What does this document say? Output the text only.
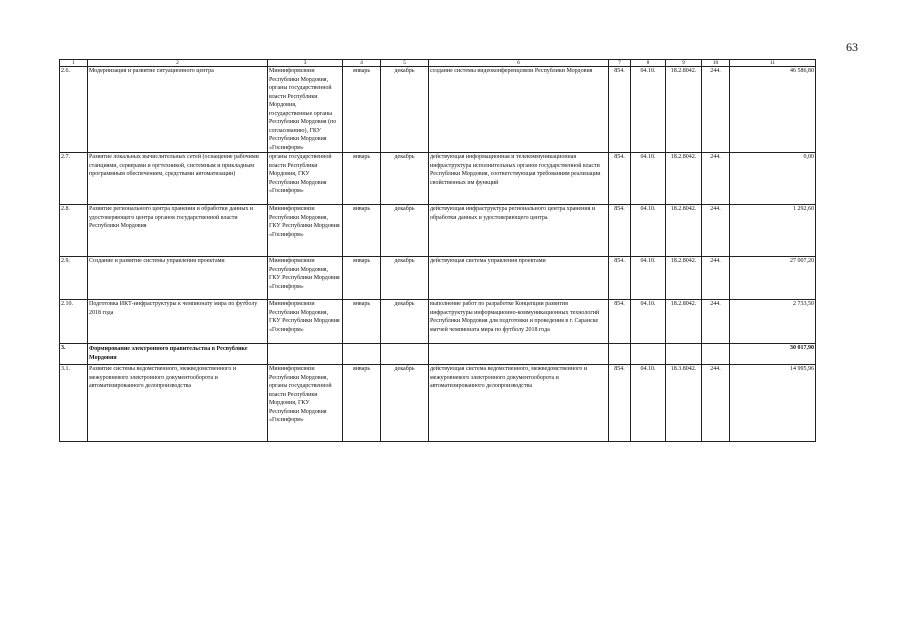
63
1	2	3	4	5	6	7	8	9	10	11
2.6.	Модернизация и развитие ситуационного центра	Мининформсвязи Республики Мордовия, органы государственной власти Республики Мордовия, государственные органы Республики Мордовия (по согласованию), ГКУ Республики Мордовия «Госинформ»	январь	декабрь	создание системы видеоконференцсвязи Республики Мордовия	854.	04.10.	18.2.8042.	244.	46 586,80
2.7.	Развитие локальных вычислительных сетей (оснащение рабочими станциями, серверами и оргтехникой, системным и прикладным программным обеспечением, средствами автоматизации)	органы государственной власти Республики Мордовия, ГКУ Республики Мордовия «Госинформ»	январь	декабрь	действующая информационная и телекоммуникационная инфраструктура исполнительных органов государственной власти Республики Мордовия, соответствующая требованиям реализации свойственных им функций	854.	04.10.	18.2.8042.	244.	0,00
2.8.	Развитие регионального центра хранения и обработки данных и удостоверяющего центра органов государственной власти Республики Мордовия	Мининформсвязи Республики Мордовия, ГКУ Республики Мордовия «Госинформ»	январь	декабрь	действующая инфраструктура регионального центра хранения и обработки данных и удостоверяющего центра	854.	04.10.	18.2.8042.	244.	1 292,60
2.9.	Создание и развитие системы управления проектами	Мининформсвязи Республики Мордовия, ГКУ Республики Мордовия «Госинформ»	январь	декабрь	действующая система управления проектами	854.	04.10.	18.2.8042.	244.	27 007,20
2.10.	Подготовка ИКТ-инфраструктуры к чемпионату мира по футболу 2018 года	Мининформсвязи Республики Мордовия, ГКУ Республики Мордовия «Госинформ»	январь	декабрь	выполнение работ по разработке Концепции развития инфраструктуры информационно-коммуникационных технологий Республики Мордовия для подготовки и проведения в г. Саранске матчей чемпионата мира по футболу 2018 года	854.	04.10.	18.2.8042.	244.	2 733,50
3.	Формирование электронного правительства в Республике Мордовия									30 017,90
3.1.	Развитие системы ведомственного, межведомственного и межуровневого электронного документооборота и автоматизированного делопроизводства	Мининформсвязи Республики Мордовия, органы государственной власти Республики Мордовия, ГКУ Республики Мордовия «Госинформ»	январь	декабрь	действующая система ведомственного, межведомственного и межуровневого электронного документооборота и автоматизированного делопроизводства	854.	04.10.	18.3.8042.	244.	14 995,96
